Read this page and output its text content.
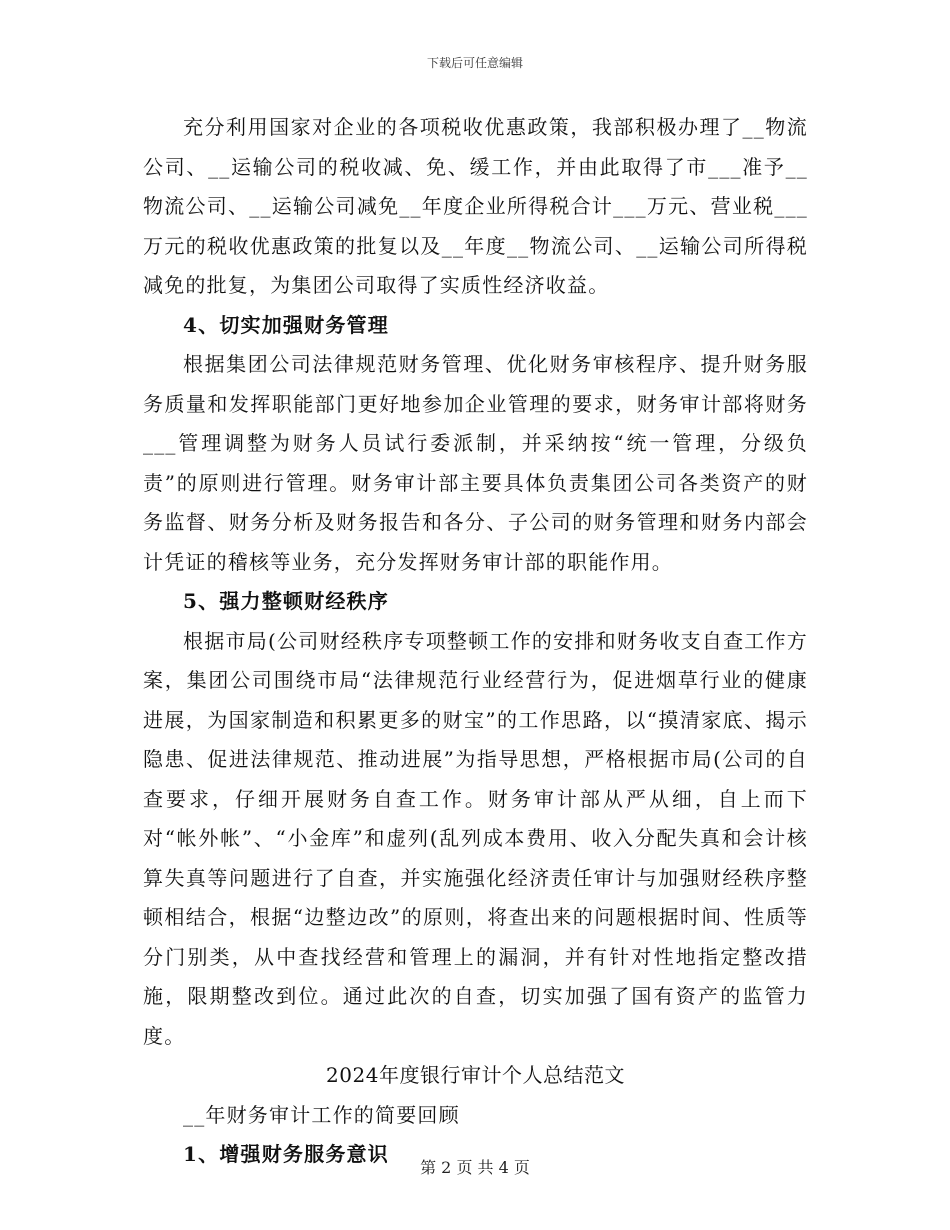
下载后可任意编辑

充分利用国家对企业的各项税收优惠政策，我部积极办理了__物流公司、__运输公司的税收减、免、缓工作，并由此取得了市___准予__物流公司、__运输公司减免__年度企业所得税合计___万元、营业税___万元的税收优惠政策的批复以及__年度__物流公司、__运输公司所得税减免的批复，为集团公司取得了实质性经济收益。

4、切实加强财务管理

根据集团公司法律规范财务管理、优化财务审核程序、提升财务服务质量和发挥职能部门更好地参加企业管理的要求，财务审计部将财务___管理调整为财务人员试行委派制，并采纳按“统一管理，分级负责”的原则进行管理。财务审计部主要具体负责集团公司各类资产的财务监督、财务分析及财务报告和各分、子公司的财务管理和财务内部会计凭证的稽核等业务，充分发挥财务审计部的职能作用。

5、强力整顿财经秩序

根据市局(公司财经秩序专项整顿工作的安排和财务收支自查工作方案，集团公司围绕市局“法律规范行业经营行为，促进烟草行业的健康进展，为国家制造和积累更多的财宝”的工作思路，以“摸清家底、揭示隐患、促进法律规范、推动进展”为指导思想，严格根据市局(公司的自查要求，仔细开展财务自查工作。财务审计部从严从细，自上而下对“帐外帐”、“小金库”和虚列(乱列成本费用、收入分配失真和会计核算失真等问题进行了自查，并实施强化经济责任审计与加强财经秩序整顿相结合，根据“边整边改”的原则，将查出来的问题根据时间、性质等分门别类，从中查找经营和管理上的漏洞，并有针对性地指定整改措施，限期整改到位。通过此次的自查，切实加强了国有资产的监管力度。

2024年度银行审计个人总结范文

__年财务审计工作的简要回顾

1、增强财务服务意识

第 2 页 共 4 页
